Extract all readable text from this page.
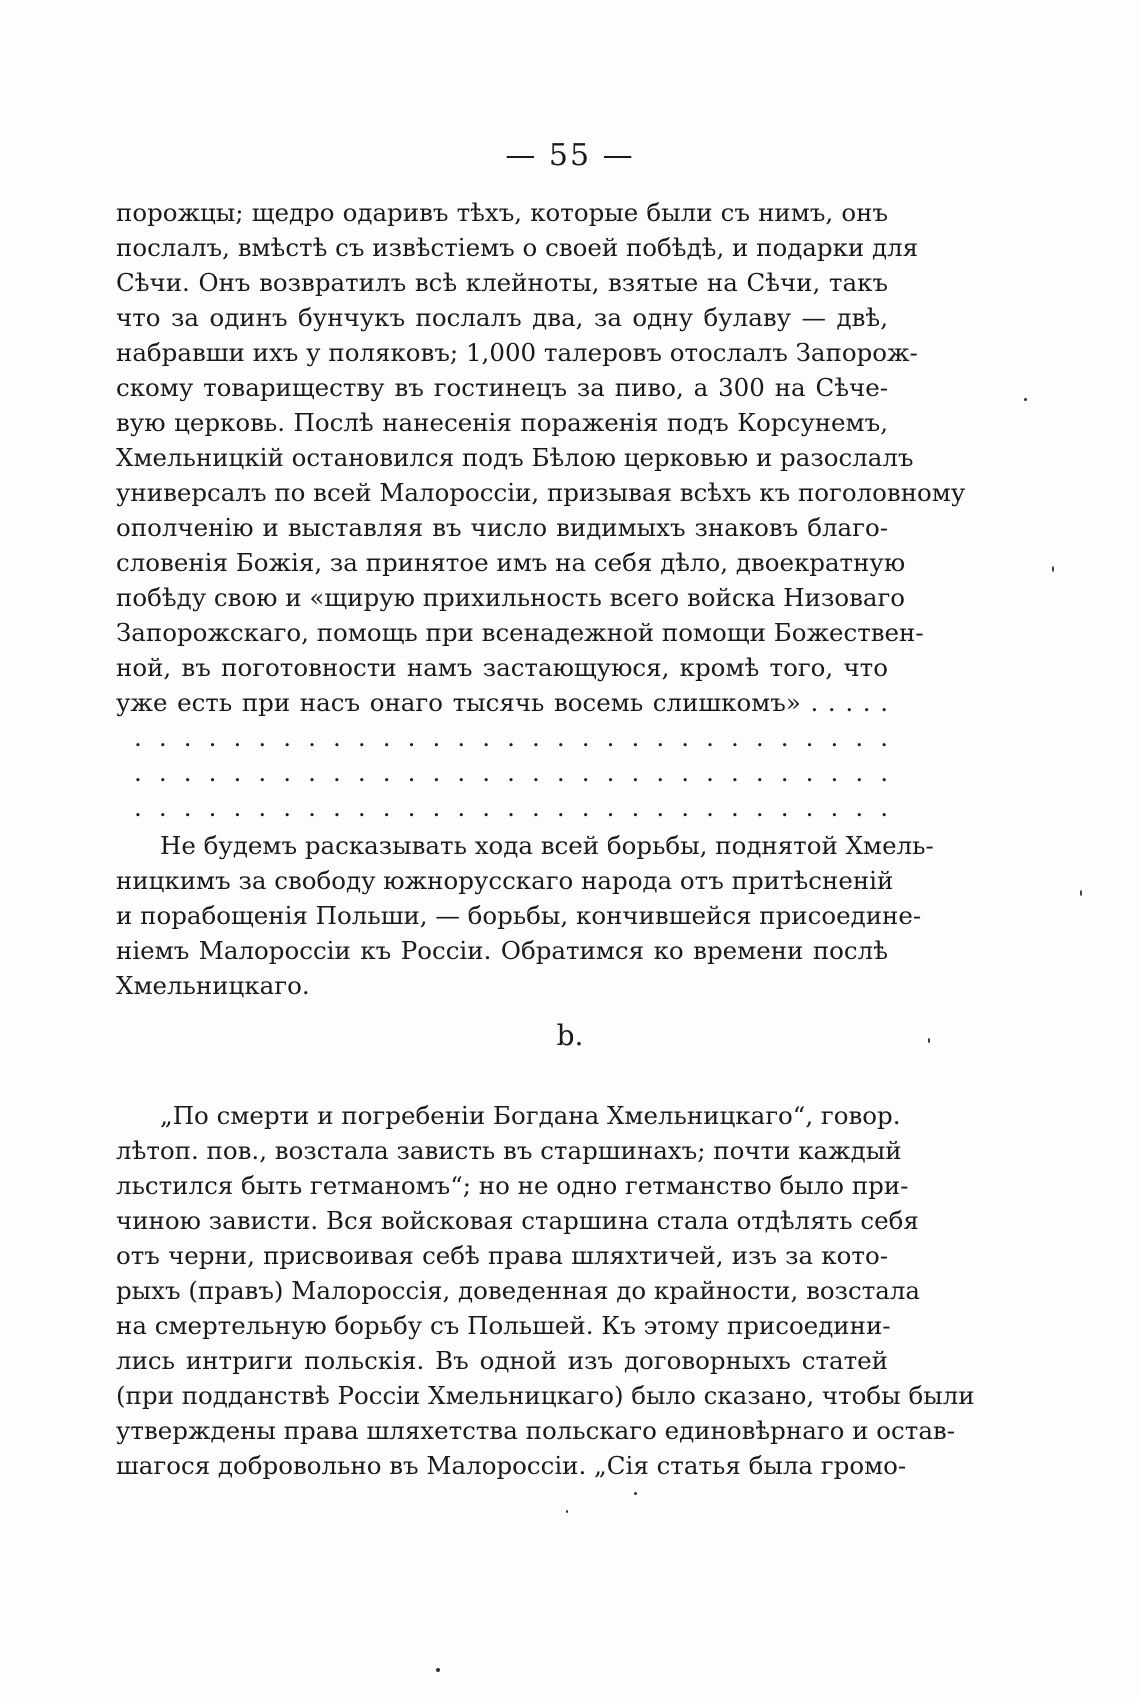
— 55 —
порожцы; щедро одаривъ тѣхъ, которые были съ нимъ, онъ
послалъ, вмѣстѣ съ извѣстіемъ о своей побѣдѣ, и подарки для
Сѣчи. Онъ возвратилъ всѣ клейноты, взятые на Сѣчи, такъ
что за одинъ бунчукъ послалъ два, за одну булаву — двѣ,
набравши ихъ у поляковъ; 1,000 талеровъ отослалъ Запорож-
скому товариществу въ гостинецъ за пиво, а 300 на Сѣче-
вую церковь. Послѣ нанесенія пораженія подъ Корсунемъ,
Хмельницкій остановился подъ Бѣлою церковью и разослалъ
универсалъ по всей Малороссіи, призывая всѣхъ къ поголовному
ополченію и выставляя въ число видимыхъ знаковъ благо-
словенія Божія, за принятое имъ на себя дѣло, двоекратную
побѣду свою и «щирую прихильность всего войска Низоваго
Запорожскаго, помощь при всенадежной помощи Божествен-
ной, въ поготовности намъ застающуюся, кромѣ того, что
уже есть при насъ онаго тысячь восемь слишкомъ» . . . . .
. . . . . . . . . . . . . . . . . . . . . . . . . . . . . . .
. . . . . . . . . . . . . . . . . . . . . . . . . . . . . . .
. . . . . . . . . . . . . . . . . . . . . . . . . . . . . . .
Не будемъ расказывать хода всей борьбы, поднятой Хмель-
ницкимъ за свободу южнорусскаго народа отъ притѣсненій
и порабощенія Польши, — борьбы, кончившейся присоедине-
ніемъ Малороссіи къ Россіи. Обратимся ко времени послѣ
Хмельницкаго.
b.
„По смерти и погребеніи Богдана Хмельницкаго“, говор.
лѣтоп. пов., возстала зависть въ старшинахъ; почти каждый
льстился быть гетманомъ“; но не одно гетманство было при-
чиною зависти. Вся войсковая старшина стала отдѣлять себя
отъ черни, присвоивая себѣ права шляхтичей, изъ за кото-
рыхъ (правъ) Малороссія, доведенная до крайности, возстала
на смертельную борьбу съ Польшей. Къ этому присоедини-
лись интриги польскія. Въ одной изъ договорныхъ статей
(при подданствѣ Россіи Хмельницкаго) было сказано, чтобы были
утверждены права шляхетства польскаго единовѣрнаго и остав-
шагося добровольно въ Малороссіи. „Сія статья была громо-
